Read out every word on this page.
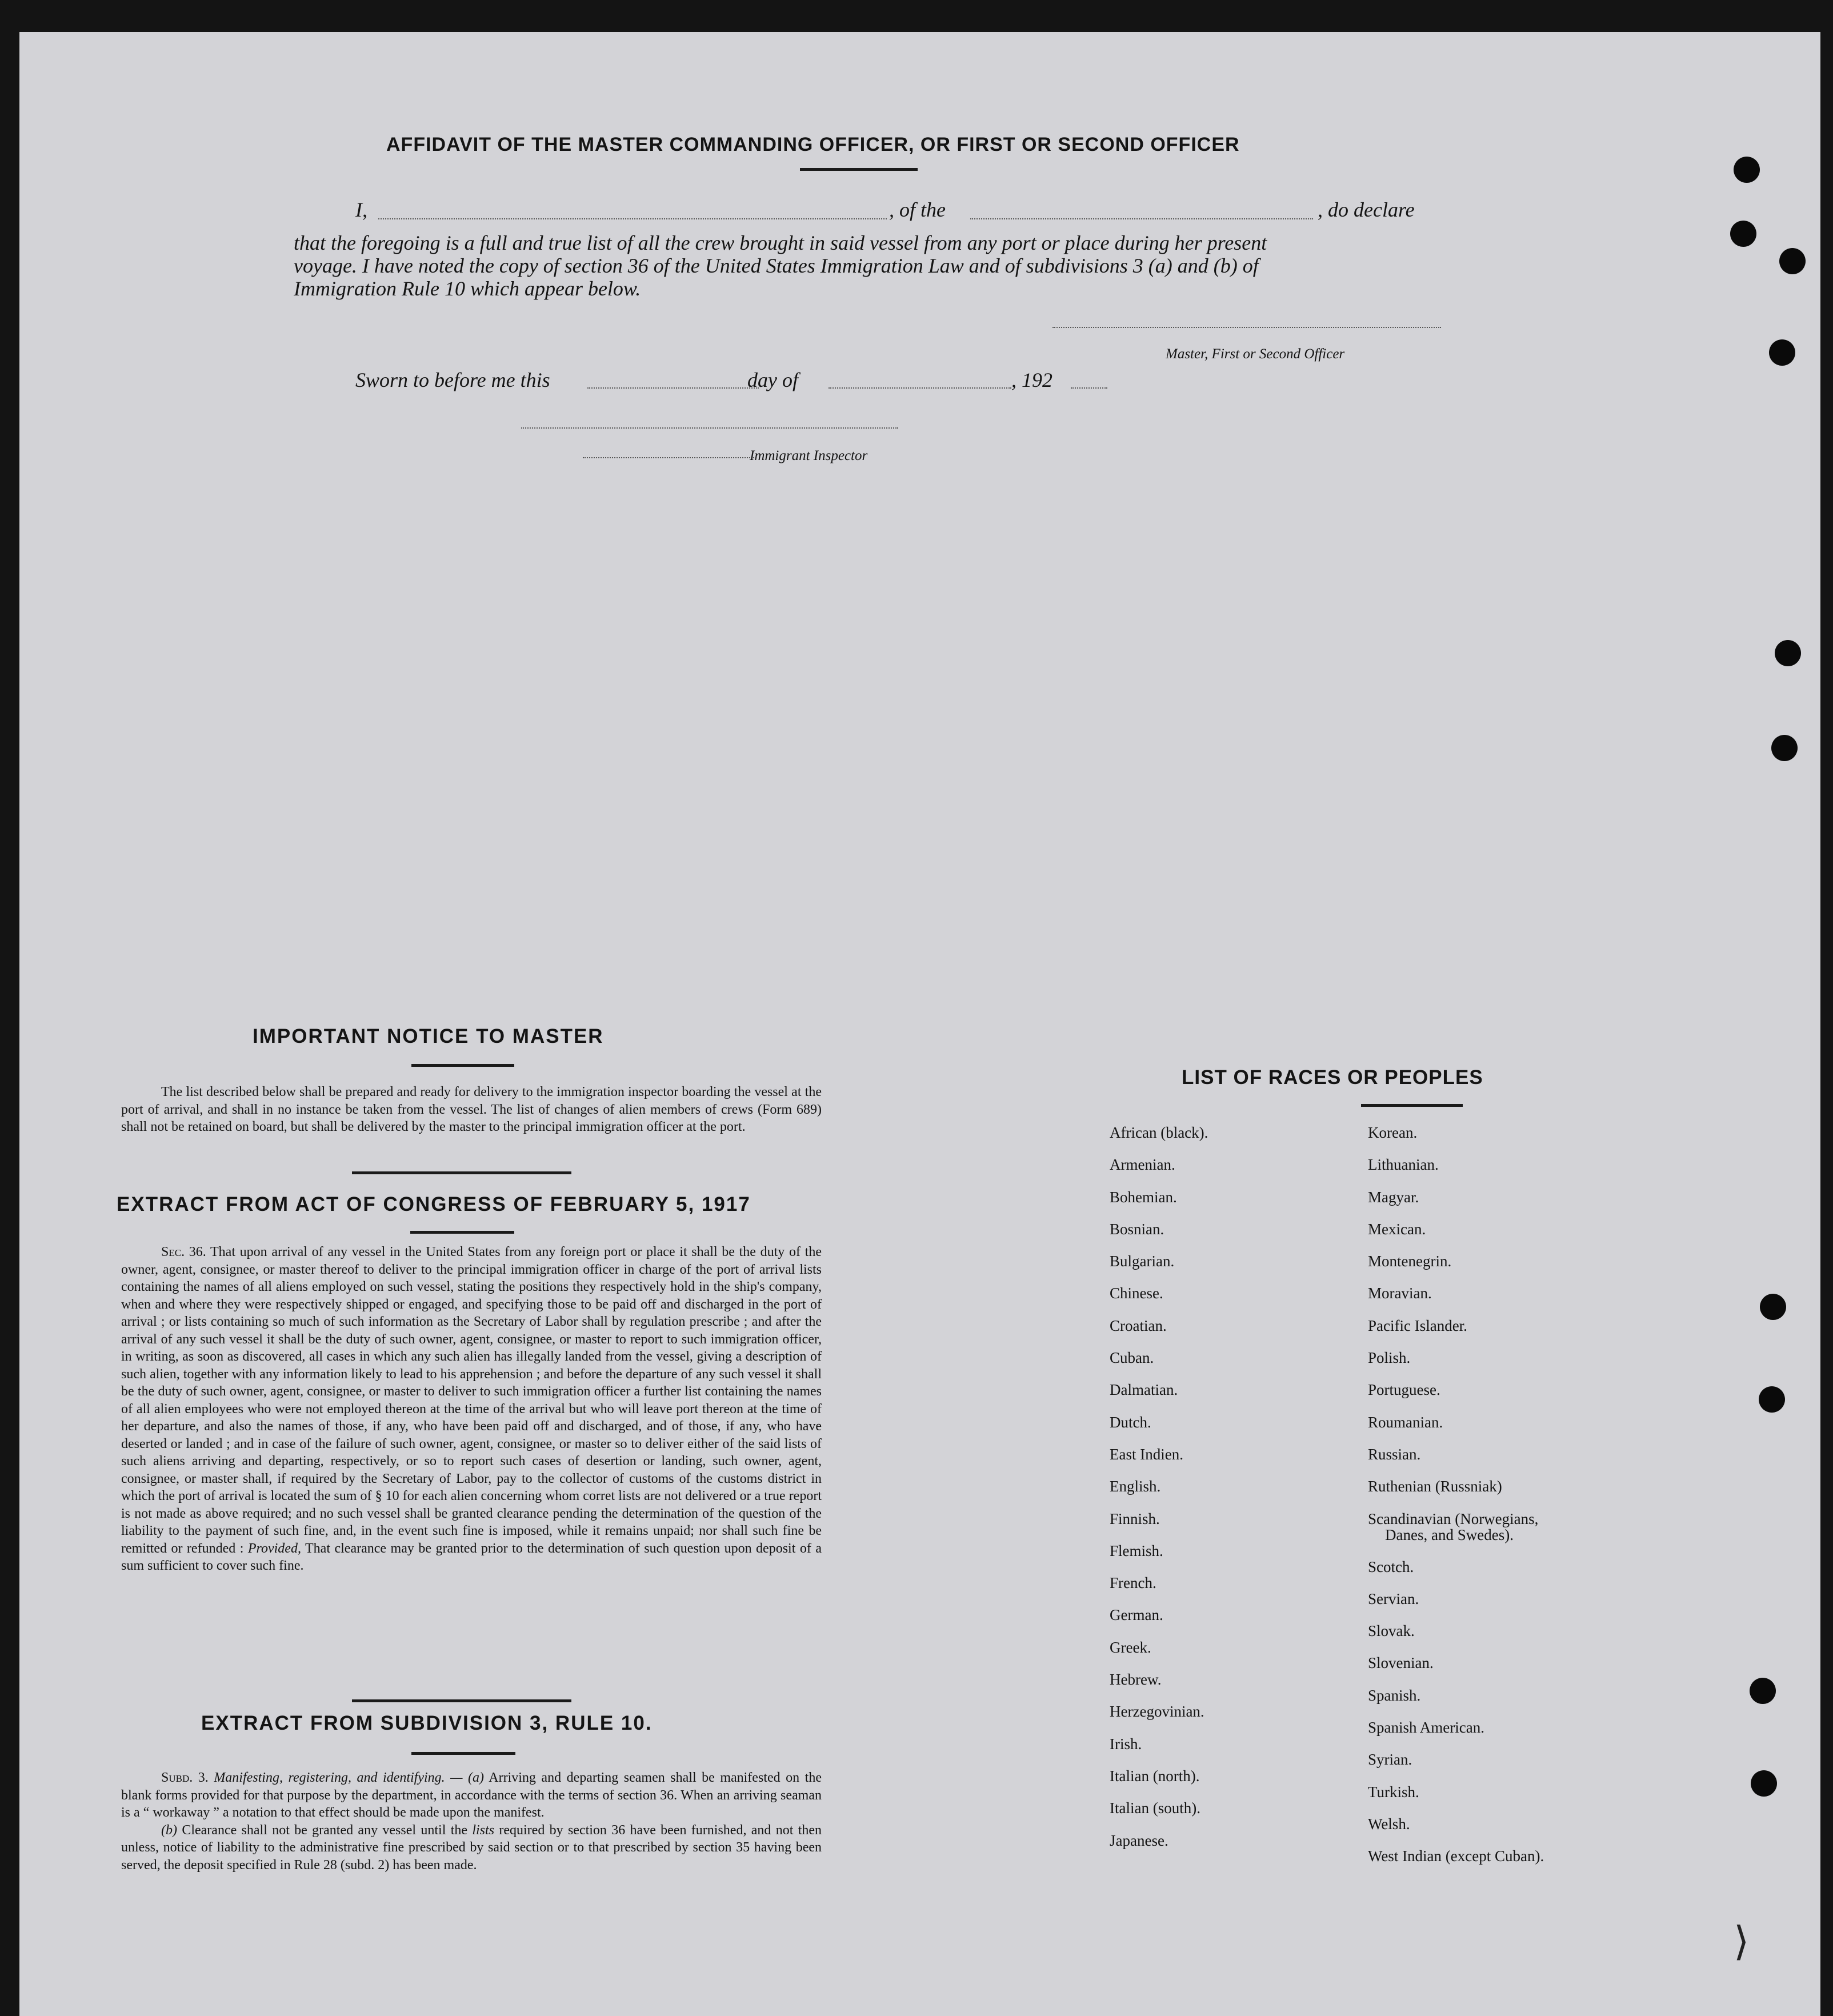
⟩
AFFIDAVIT OF THE MASTER COMMANDING OFFICER, OR FIRST OR SECOND OFFICER
I,	, of the	, do declare
that the foregoing is a full and true list of all the crew brought in said vessel from any port or place during her present
voyage. I have noted the copy of section 36 of the United States Immigration Law and of subdivisions 3 (a) and (b) of
Immigration Rule 10 which appear below.
Master, First or Second Officer
Sworn to before me this	day of	, 192
Immigrant Inspector
IMPORTANT NOTICE TO MASTER

The list described below shall be prepared and ready for delivery to the immigration inspector boarding the vessel at the port of arrival, and shall in no instance be taken from the vessel. The list of changes of alien members of crews (Form 689) shall not be retained on board, but shall be delivered by the master to the principal immigration officer at the port.

EXTRACT FROM ACT OF CONGRESS OF FEBRUARY 5, 1917

Sec. 36. That upon arrival of any vessel in the United States from any foreign port or place it shall be the duty of the owner, agent, consignee, or master thereof to deliver to the principal immigration officer in charge of the port of arrival lists containing the names of all aliens employed on such vessel, stating the positions they respectively hold in the ship's company, when and where they were respectively shipped or engaged, and specifying those to be paid off and discharged in the port of arrival ; or lists containing so much of such information as the Secretary of Labor shall by regulation prescribe ; and after the arrival of any such vessel it shall be the duty of such owner, agent, consignee, or master to report to such immigration officer, in writing, as soon as discovered, all cases in which any such alien has illegally landed from the vessel, giving a description of such alien, together with any information likely to lead to his apprehension ; and before the departure of any such vessel it shall be the duty of such owner, agent, consignee, or master to deliver to such immigration officer a further list containing the names of all alien employees who were not employed thereon at the time of the arrival but who will leave port thereon at the time of her departure, and also the names of those, if any, who have been paid off and discharged, and of those, if any, who have deserted or landed ; and in case of the failure of such owner, agent, consignee, or master so to deliver either of the said lists of such aliens arriving and departing, respectively, or so to report such cases of desertion or landing, such owner, agent, consignee, or master shall, if required by the Secretary of Labor, pay to the collector of customs of the customs district in which the port of arrival is located the sum of § 10 for each alien concerning whom corret lists are not delivered or a true report is not made as above required; and no such vessel shall be granted clearance pending the determination of the question of the liability to the payment of such fine, and, in the event such fine is imposed, while it remains unpaid; nor shall such fine be remitted or refunded : Provided, That clearance may be granted prior to the determination of such question upon deposit of a sum sufficient to cover such fine.

EXTRACT FROM SUBDIVISION 3, RULE 10.

Subd. 3. Manifesting, registering, and identifying. — (a) Arriving and departing seamen shall be manifested on the blank forms provided for that purpose by the department, in accordance with the terms of section 36. When an arriving seaman is a “ workaway ” a notation to that effect should be made upon the manifest.

(b) Clearance shall not be granted any vessel until the lists required by section 36 have been furnished, and not then unless, notice of liability to the administrative fine prescribed by said section or to that prescribed by section 35 having been served, the deposit specified in Rule 28 (subd. 2) has been made.

LIST OF RACES OR PEOPLES
African (black).
Armenian.
Bohemian.
Bosnian.
Bulgarian.
Chinese.
Croatian.
Cuban.
Dalmatian.
Dutch.
East Indien.
English.
Finnish.
Flemish.
French.
German.
Greek.
Hebrew.
Herzegovinian.
Irish.
Italian (north).
Italian (south).
Japanese.
Korean.
Lithuanian.
Magyar.
Mexican.
Montenegrin.
Moravian.
Pacific Islander.
Polish.
Portuguese.
Roumanian.
Russian.
Ruthenian (Russniak)
Scandinavian (Norwegians,
Danes, and Swedes).
Scotch.
Servian.
Slovak.
Slovenian.
Spanish.
Spanish American.
Syrian.
Turkish.
Welsh.
West Indian (except Cuban).
